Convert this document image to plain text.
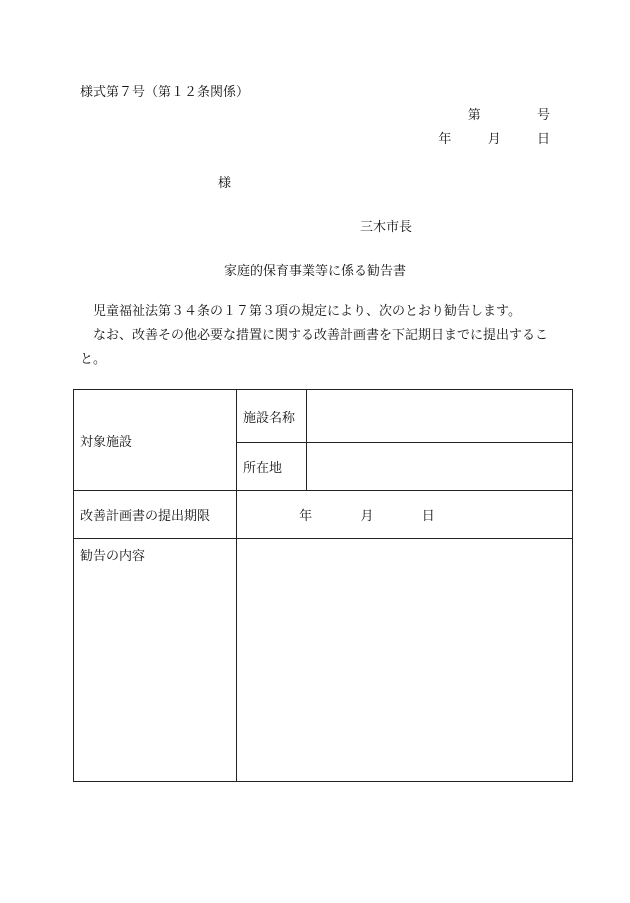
様式第７号（第１２条関係）
第	号
年	月	日
様
三木市長
家庭的保育事業等に係る勧告書
児童福祉法第３４条の１７第３項の規定により、次のとおり勧告します。
なお、改善その他必要な措置に関する改善計画書を下記期日までに提出すること。
対象施設	施設名称	
	所在地	
改善計画書の提出期限	年 月 日	
勧告の内容		
